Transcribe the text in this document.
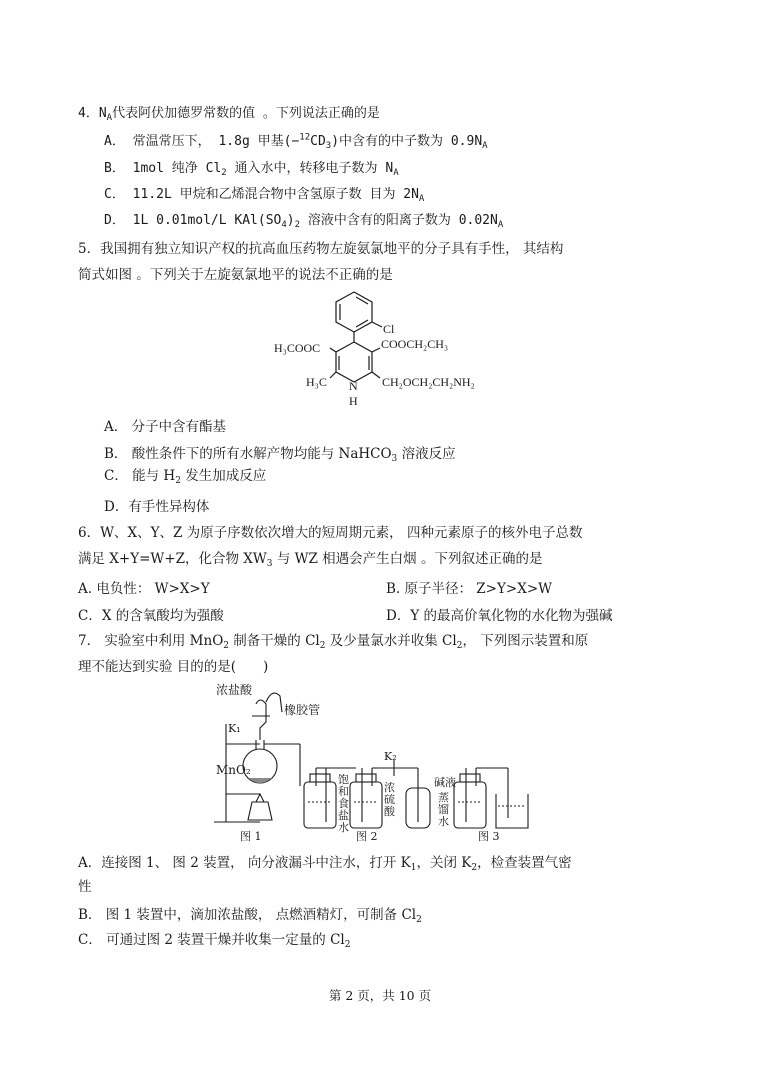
4．$N_A$代表阿伏加德罗常数的值 。下列说法正确的是
A． 常温常压下， 1.8g 甲基$(-^{12}CD_3)$中含有的中子数为 $0.9N_A$
B． 1mol 纯净 $Cl_2$ 通入水中，转移电子数为 $N_A$
C． 11.2L 甲烷和乙烯混合物中含氢原子数 目为 $2N_A$
D． 1L 0.01mol/L $KAl(SO_4)_2$ 溶液中含有的阳离子数为 $0.02N_A$
5．我国拥有独立知识产权的抗高血压药物左旋氨氯地平的分子具有手性， 其结构
简式如图 。下列关于左旋氨氯地平的说法不正确的是
Cl
H₃COOC	COOCH₂CH₃
H₃C N
H
CH₂OCH₂CH₂NH₂
A． 分子中含有酯基
B． 酸性条件下的所有水解产物均能与 NaHCO$_3$ 溶液反应
C． 能与 $H_2$ 发生加成反应
D．有手性异构体
6．W、X、Y、Z 为原子序数依次增大的短周期元素， 四种元素原子的核外电子总数
满足 X+Y=W+Z，化合物 $XW_3$ 与 WZ 相遇会产生白烟 。下列叙述正确的是
A. 电负性： W>X>Y	B. 原子半径： Z>Y>X>W
C．X 的含氧酸均为强酸	D．Y 的最高价氧化物的水化物为强碱
7． 实验室中利用 MnO$_2$ 制备干燥的 $Cl_2$ 及少量氯水并收集 $Cl_2$， 下列图示装置和原
理不能达到实验 目的的是(　　)
浓盐酸
橡胶管
K₁
MnO₂
K₂
碱液
图 1	图 2	图 3
饱和食盐水
浓硫酸
蒸馏水
A．连接图 1、 图 2 装置， 向分液漏斗中注水，打开 $K_1$，关闭 $K_2$，检查装置气密
性
B． 图 1 装置中，滴加浓盐酸， 点燃酒精灯，可制备 $Cl_2$
C． 可通过图 2 装置干燥并收集一定量的 $Cl_2$
第 2 页，共 10 页
